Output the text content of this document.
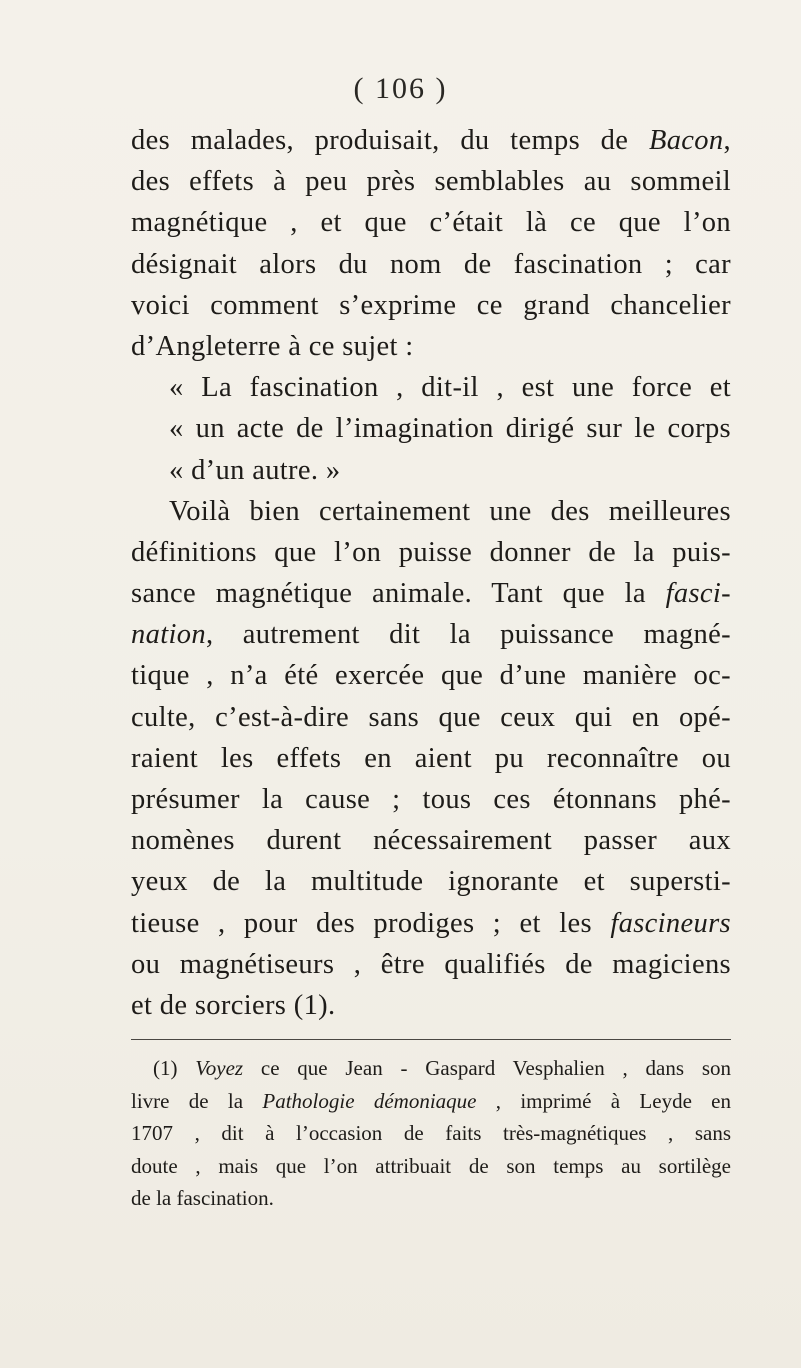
( 106 )
des malades, produisait, du temps de Bacon,
des effets à peu près semblables au sommeil
magnétique , et que c’était là ce que l’on
désignait alors du nom de fascination ; car
voici comment s’exprime ce grand chancelier
d’Angleterre à ce sujet :
« La fascination , dit-il , est une force et
« un acte de l’imagination dirigé sur le corps
« d’un autre. »
Voilà bien certainement une des meilleures
définitions que l’on puisse donner de la puis-
sance magnétique animale. Tant que la fasci-
nation, autrement dit la puissance magné-
tique , n’a été exercée que d’une manière oc-
culte, c’est-à-dire sans que ceux qui en opé-
raient les effets en aient pu reconnaître ou
présumer la cause ; tous ces étonnans phé-
nomènes durent nécessairement passer aux
yeux de la multitude ignorante et supersti-
tieuse , pour des prodiges ; et les fascineurs
ou magnétiseurs , être qualifiés de magiciens
et de sorciers (1).
(1) Voyez ce que Jean - Gaspard Vesphalien , dans son
livre de la Pathologie démoniaque , imprimé à Leyde en
1707 , dit à l’occasion de faits très-magnétiques , sans
doute , mais que l’on attribuait de son temps au sortilège
de la fascination.
